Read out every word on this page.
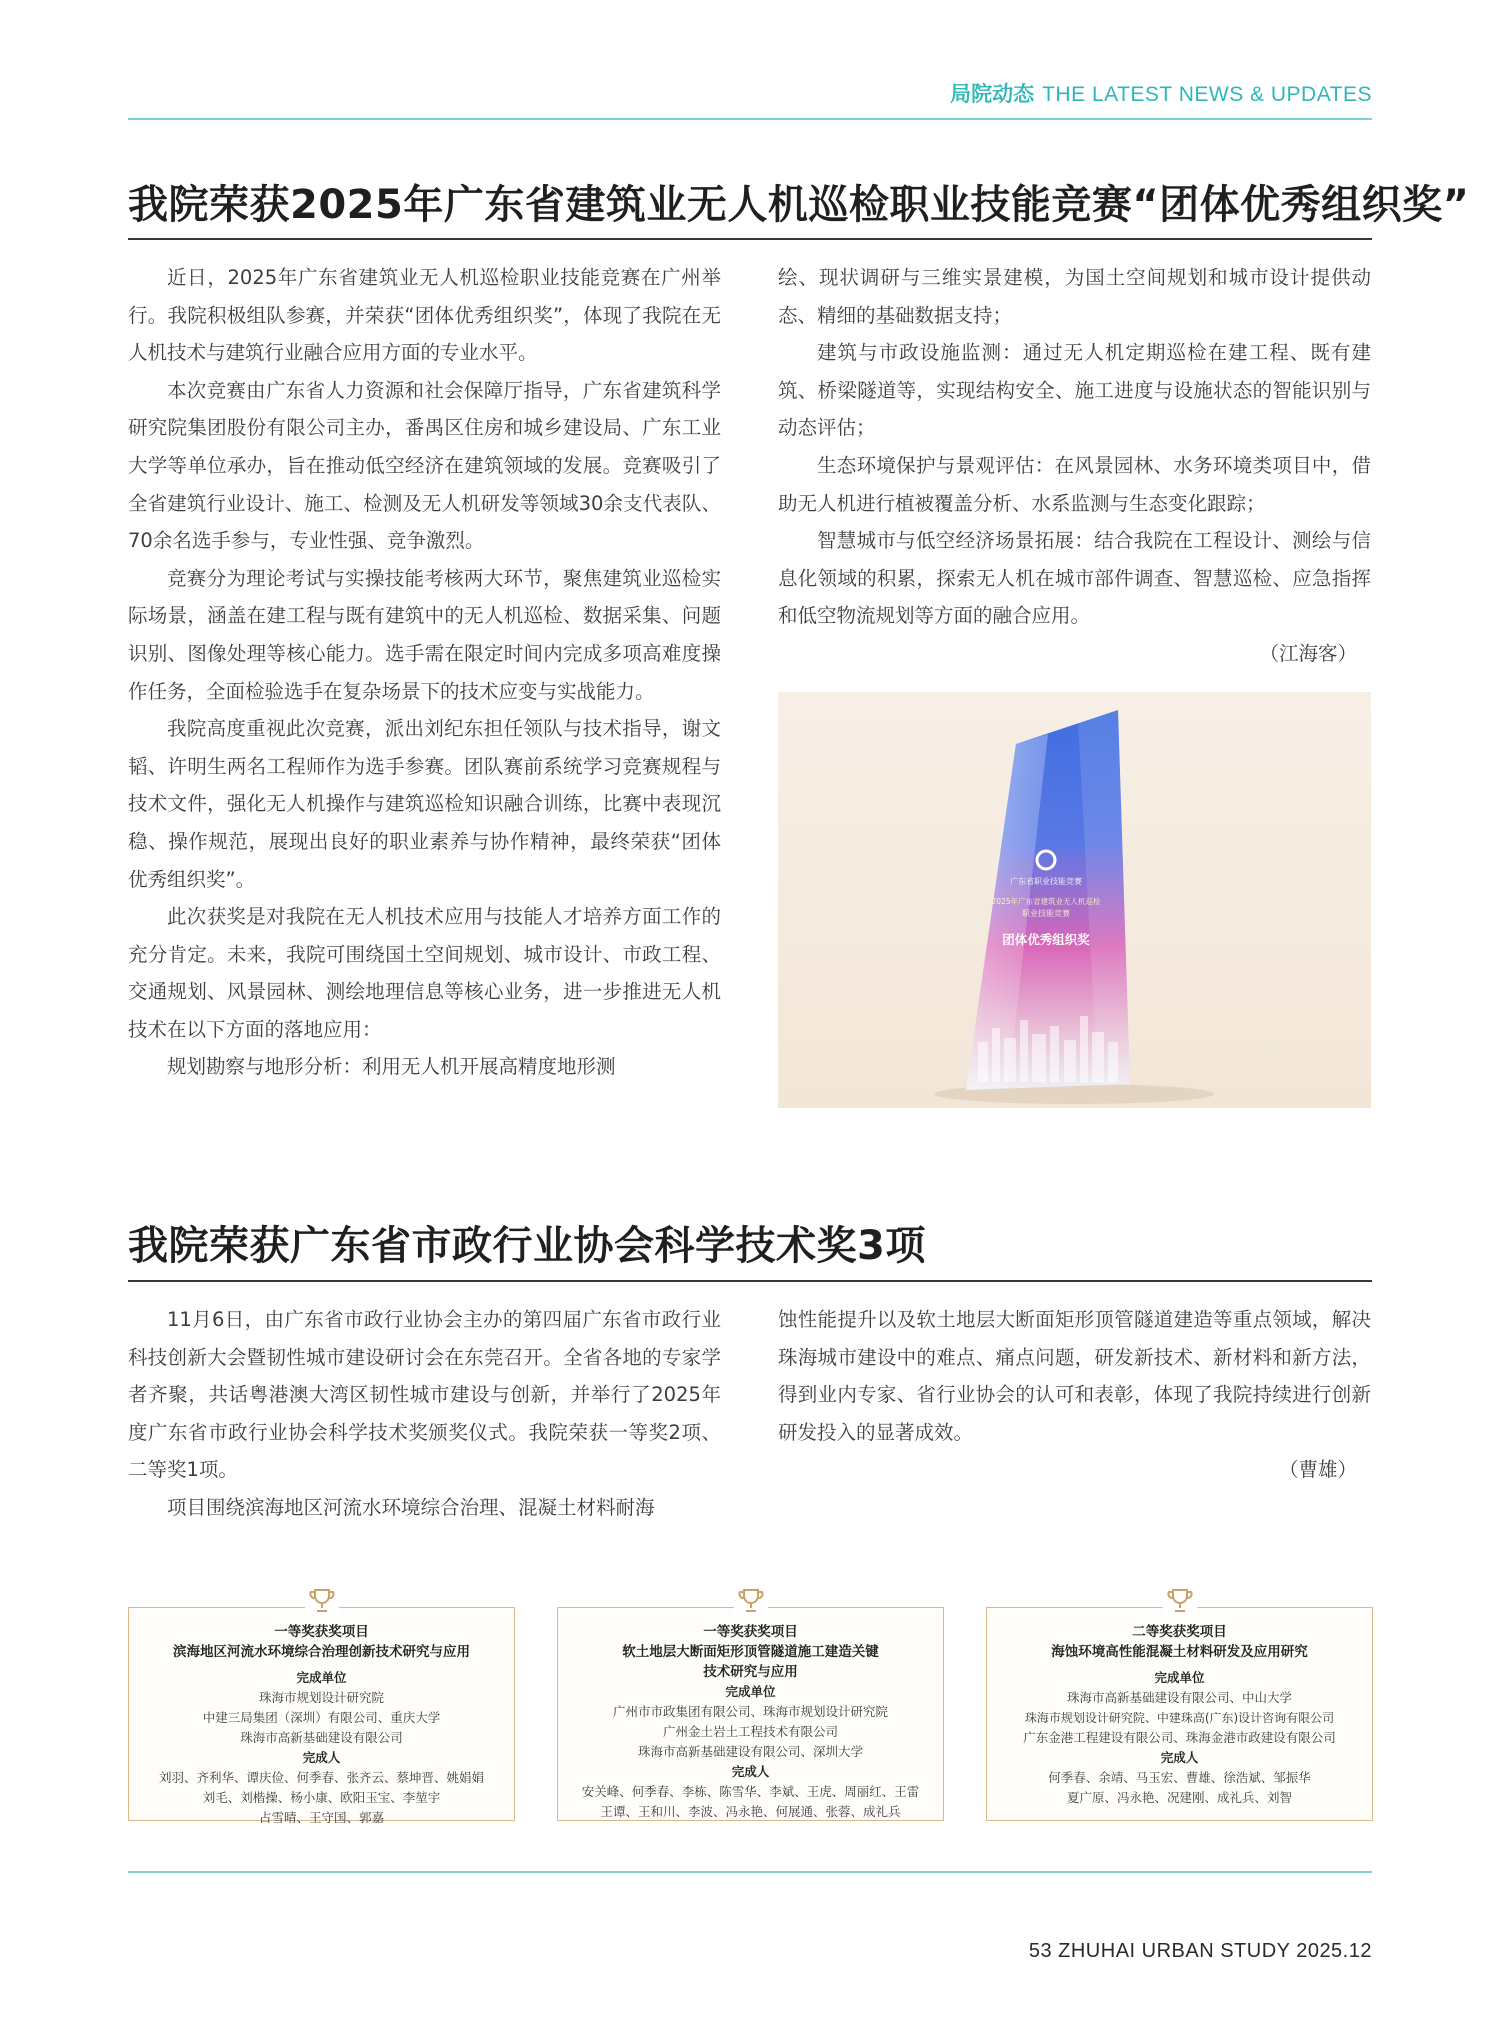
局院动态 THE LATEST NEWS & UPDATES
我院荣获2025年广东省建筑业无人机巡检职业技能竞赛“团体优秀组织奖”

近日，2025年广东省建筑业无人机巡检职业技能竞赛在广州举行。我院积极组队参赛，并荣获“团体优秀组织奖”，体现了我院在无人机技术与建筑行业融合应用方面的专业水平。

本次竞赛由广东省人力资源和社会保障厅指导，广东省建筑科学研究院集团股份有限公司主办，番禺区住房和城乡建设局、广东工业大学等单位承办，旨在推动低空经济在建筑领域的发展。竞赛吸引了全省建筑行业设计、施工、检测及无人机研发等领域30余支代表队、70余名选手参与，专业性强、竞争激烈。

竞赛分为理论考试与实操技能考核两大环节，聚焦建筑业巡检实际场景，涵盖在建工程与既有建筑中的无人机巡检、数据采集、问题识别、图像处理等核心能力。选手需在限定时间内完成多项高难度操作任务，全面检验选手在复杂场景下的技术应变与实战能力。

我院高度重视此次竞赛，派出刘纪东担任领队与技术指导，谢文韬、许明生两名工程师作为选手参赛。团队赛前系统学习竞赛规程与技术文件，强化无人机操作与建筑巡检知识融合训练，比赛中表现沉稳、操作规范，展现出良好的职业素养与协作精神，最终荣获“团体优秀组织奖”。

此次获奖是对我院在无人机技术应用与技能人才培养方面工作的充分肯定。未来，我院可围绕国土空间规划、城市设计、市政工程、交通规划、风景园林、测绘地理信息等核心业务，进一步推进无人机技术在以下方面的落地应用：

规划勘察与地形分析：利用无人机开展高精度地形测

绘、现状调研与三维实景建模，为国土空间规划和城市设计提供动态、精细的基础数据支持；

建筑与市政设施监测：通过无人机定期巡检在建工程、既有建筑、桥梁隧道等，实现结构安全、施工进度与设施状态的智能识别与动态评估；

生态环境保护与景观评估：在风景园林、水务环境类项目中，借助无人机进行植被覆盖分析、水系监测与生态变化跟踪；

智慧城市与低空经济场景拓展：结合我院在工程设计、测绘与信息化领域的积累，探索无人机在城市部件调查、智慧巡检、应急指挥和低空物流规划等方面的融合应用。

（江海客）

广东省职业技能竞赛
2025年广东省建筑业无人机巡检
职业技能竞赛
团体优秀组织奖
我院荣获广东省市政行业协会科学技术奖3项

11月6日，由广东省市政行业协会主办的第四届广东省市政行业科技创新大会暨韧性城市建设研讨会在东莞召开。全省各地的专家学者齐聚，共话粤港澳大湾区韧性城市建设与创新，并举行了2025年度广东省市政行业协会科学技术奖颁奖仪式。我院荣获一等奖2项、二等奖1项。

项目围绕滨海地区河流水环境综合治理、混凝土材料耐海

蚀性能提升以及软土地层大断面矩形顶管隧道建造等重点领域，解决珠海城市建设中的难点、痛点问题，研发新技术、新材料和新方法，得到业内专家、省行业协会的认可和表彰，体现了我院持续进行创新研发投入的显著成效。

（曹雄）

一等奖获奖项目
滨海地区河流水环境综合治理创新技术研究与应用
完成单位
珠海市规划设计研究院
中建三局集团（深圳）有限公司、重庆大学
珠海市高新基础建设有限公司
完成人
刘羽、齐利华、谭庆俭、何季春、张齐云、蔡坤晋、姚娟娟
刘毛、刘楷操、杨小康、欧阳玉宝、李堃宇
占雪晴、王守国、郭嘉
一等奖获奖项目
软土地层大断面矩形顶管隧道施工建造关键
技术研究与应用
完成单位
广州市市政集团有限公司、珠海市规划设计研究院
广州金土岩土工程技术有限公司
珠海市高新基础建设有限公司、深圳大学
完成人
安关峰、何季春、李栋、陈雪华、李斌、王虎、周丽红、王雷
王谭、王和川、李波、冯永艳、何展通、张蓉、成礼兵
二等奖获奖项目
海蚀环境高性能混凝土材料研发及应用研究
完成单位
珠海市高新基础建设有限公司、中山大学
珠海市规划设计研究院、中建珠高(广东)设计咨询有限公司
广东金港工程建设有限公司、珠海金港市政建设有限公司
完成人
何季春、余靖、马玉宏、曹雄、徐浩斌、邹振华
夏广原、冯永艳、况建刚、成礼兵、刘智
53 ZHUHAI URBAN STUDY 2025.12
